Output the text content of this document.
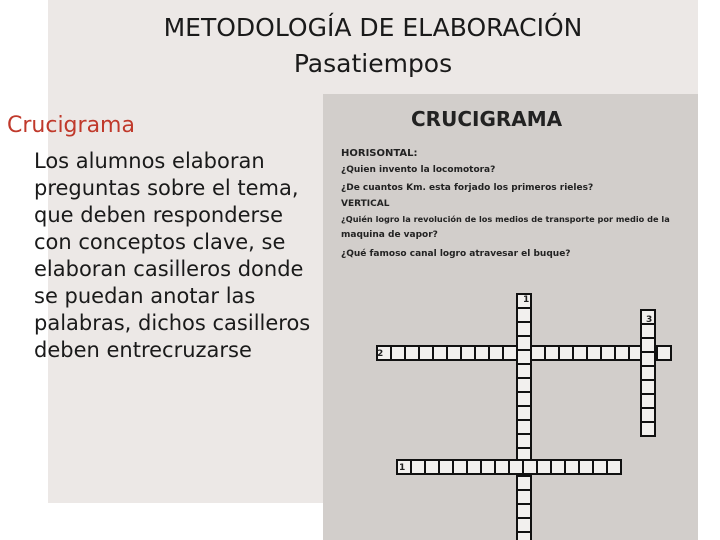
METODOLOGÍA DE ELABORACIÓN
Pasatiempos
Crucigrama
Los alumnos elaboran preguntas sobre el tema, que deben responderse con conceptos clave, se elaboran casilleros donde se puedan anotar las palabras, dichos casilleros deben entrecruzarse
CRUCIGRAMA
HORISONTAL:
¿Quien invento la locomotora?
¿De cuantos Km. esta forjado los primeros rieles?
VERTICAL
¿Quién logro la revolución de los medios de transporte por medio de la
maquina de vapor?
¿Qué famoso canal logro atravesar el buque?
1
3
2
1
